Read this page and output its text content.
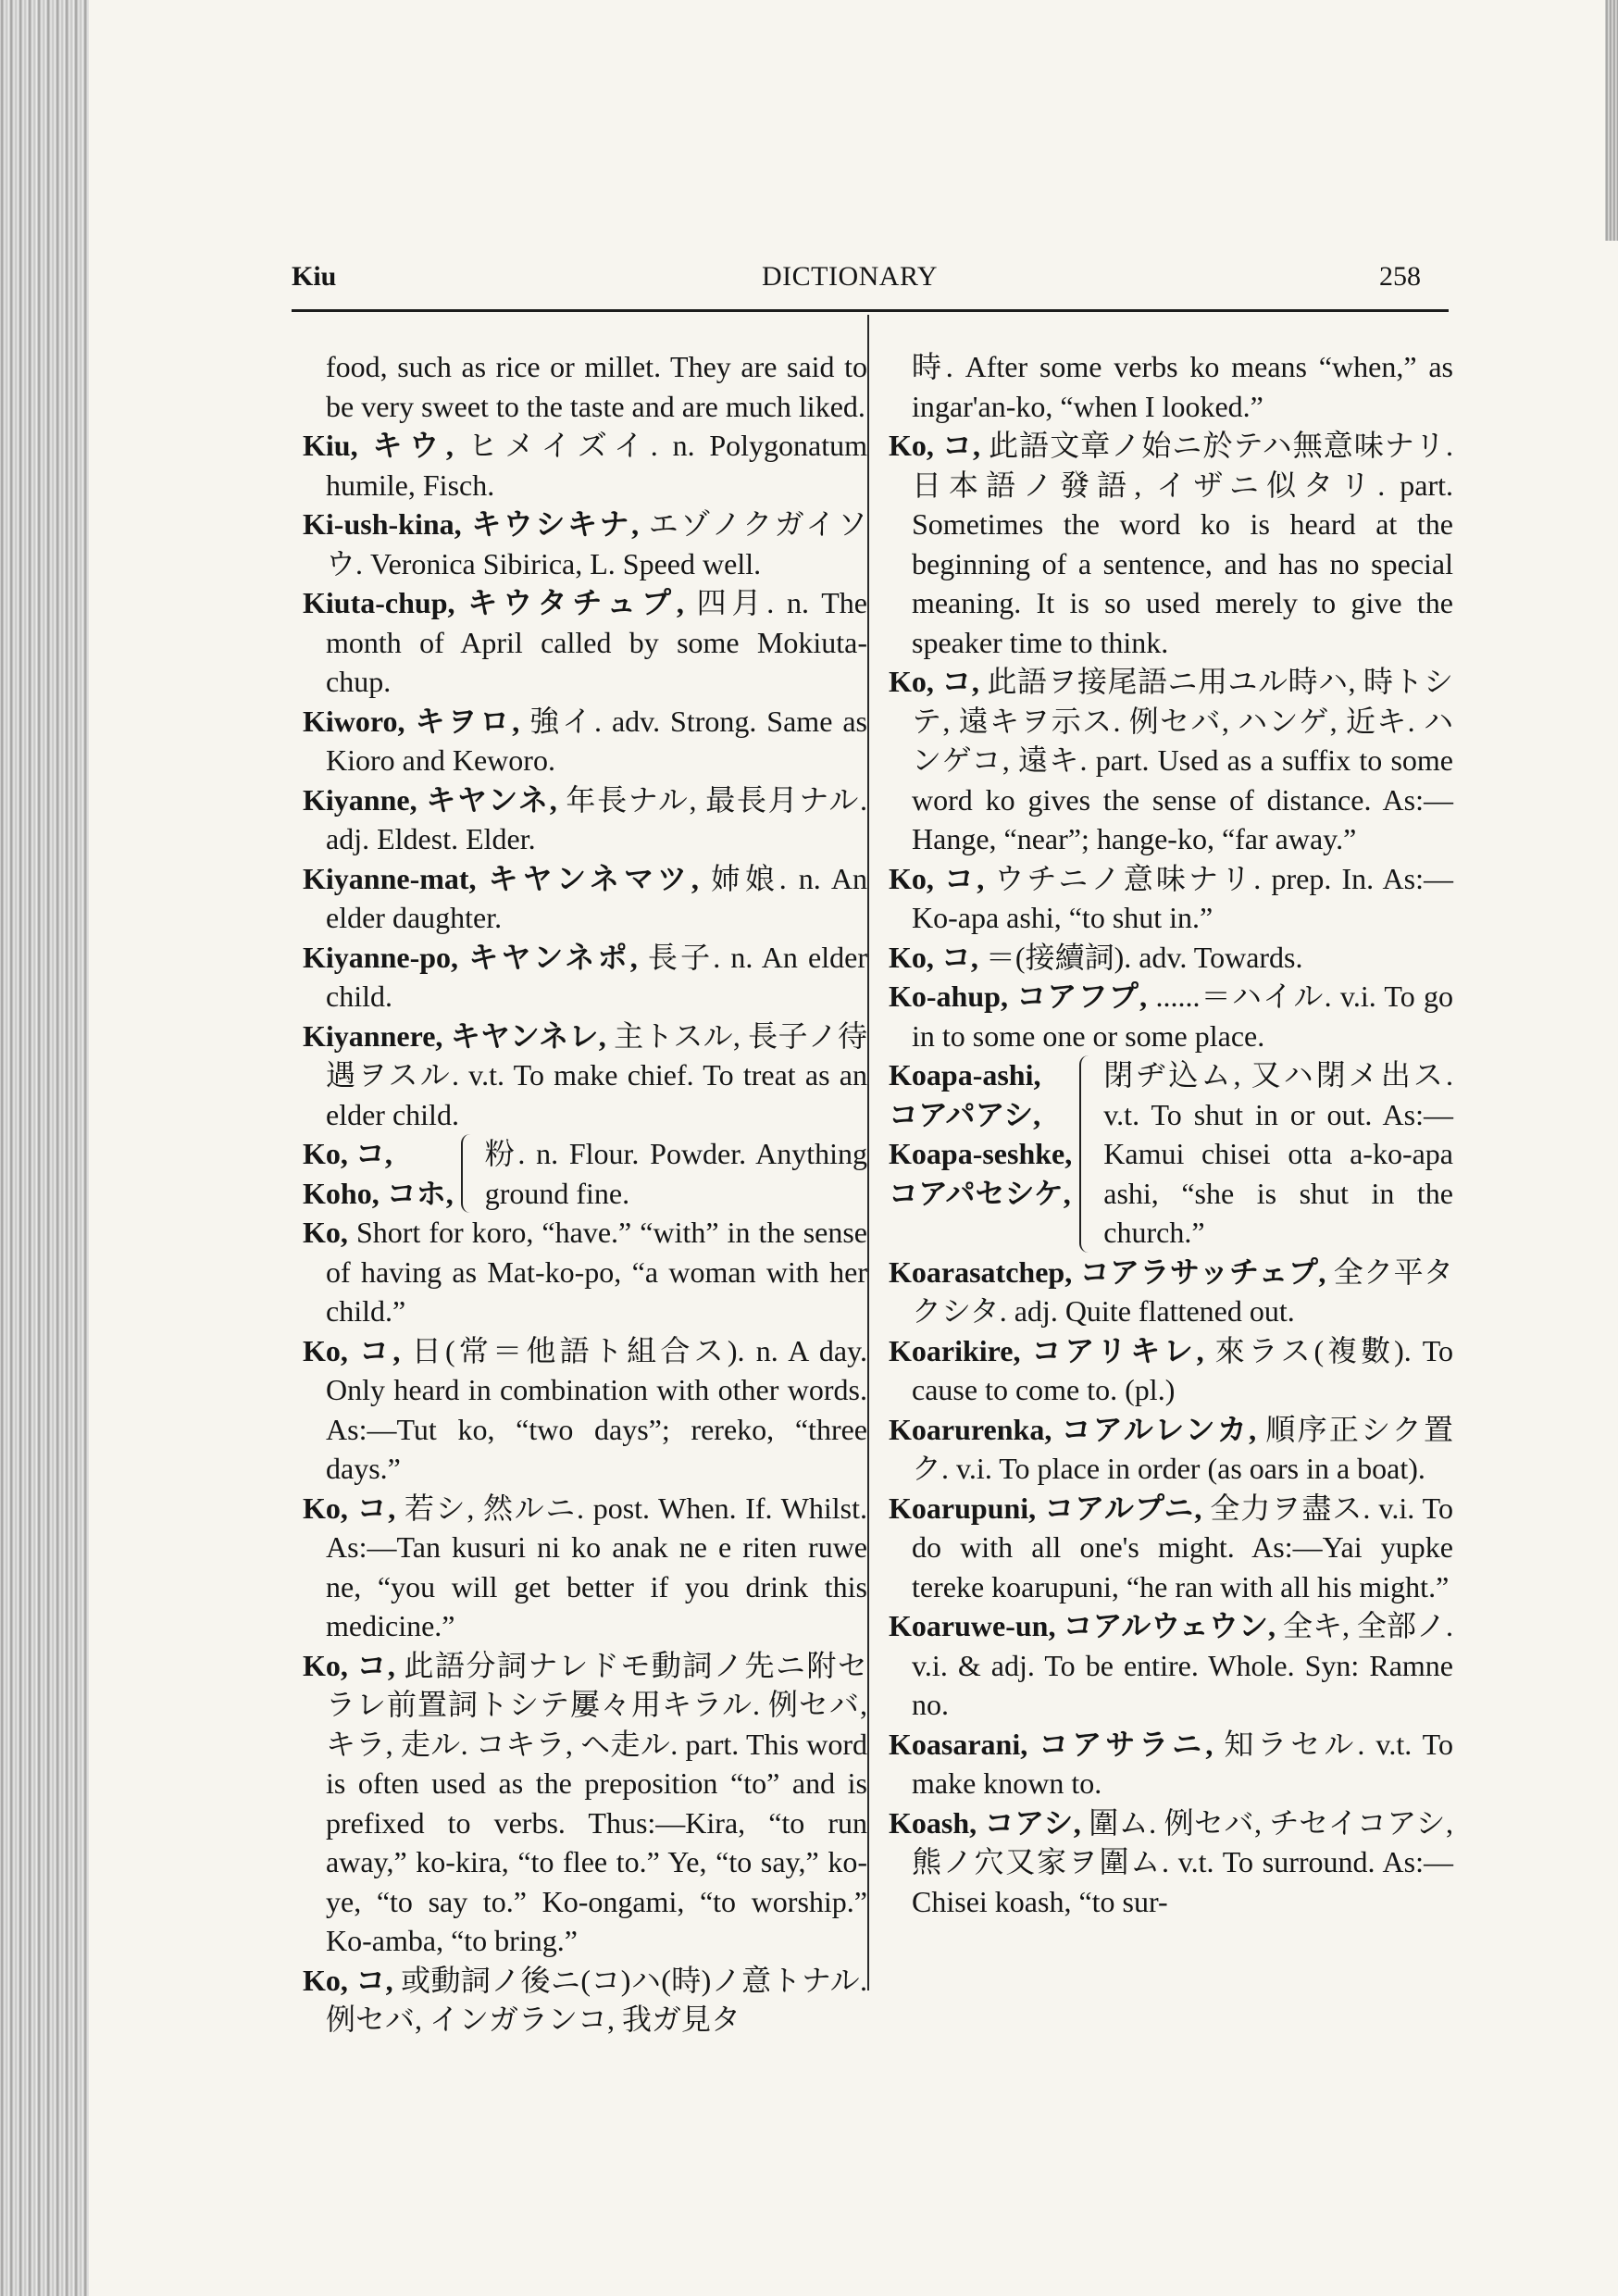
Kiu	DICTIONARY	258

food, such as rice or millet. They are said to be very sweet to the taste and are much liked.

Kiu, キウ, ヒメイズイ. n. Polygonatum humile, Fisch.

Ki-ush-kina, キウシキナ, エゾノクガイソウ. Veronica Sibirica, L. Speed well.

Kiuta-chup, キウタチュプ, 四月. n. The month of April called by some Mokiuta-chup.

Kiworo, キヲロ, 強イ. adv. Strong. Same as Kioro and Keworo.

Kiyanne, キヤンネ, 年長ナル, 最長月ナル. adj. Eldest. Elder.

Kiyanne-mat, キヤンネマツ, 姉娘. n. An elder daughter.

Kiyanne-po, キヤンネポ, 長子. n. An elder child.

Kiyannere, キヤンネレ, 主トスル, 長子ノ待遇ヲスル. v.t. To make chief. To treat as an elder child.

Ko, コ,
Koho, コホ,
粉. n. Flour. Powder. Anything ground fine.

Ko, Short for koro, “have.” “with” in the sense of having as Mat-ko-po, “a woman with her child.”

Ko, コ, 日(常＝他語ト組合ス). n. A day. Only heard in combination with other words. As:—Tut ko, “two days”; rereko, “three days.”

Ko, コ, 若シ, 然ルニ. post. When. If. Whilst. As:—Tan kusuri ni ko anak ne e riten ruwe ne, “you will get better if you drink this medicine.”

Ko, コ, 此語分詞ナレドモ動詞ノ先ニ附セラレ前置詞トシテ屢々用キラル. 例セバ, キラ, 走ル. コキラ, ヘ走ル. part. This word is often used as the preposition “to” and is prefixed to verbs. Thus:—Kira, “to run away,” ko-kira, “to flee to.” Ye, “to say,” ko-ye, “to say to.” Ko-ongami, “to worship.” Ko-amba, “to bring.”

Ko, コ, 或動詞ノ後ニ(コ)ハ(時)ノ意トナル. 例セバ, インガランコ, 我ガ見タ

時. After some verbs ko means “when,” as ingar'an-ko, “when I looked.”

Ko, コ, 此語文章ノ始ニ於テハ無意味ナリ. 日本語ノ發語, イザニ似タリ. part. Sometimes the word ko is heard at the beginning of a sentence, and has no special meaning. It is so used merely to give the speaker time to think.

Ko, コ, 此語ヲ接尾語ニ用ユル時ハ, 時トシテ, 遠キヲ示ス. 例セバ, ハンゲ, 近キ. ハンゲコ, 遠キ. part. Used as a suffix to some word ko gives the sense of distance. As:—Hange, “near”; hange-ko, “far away.”

Ko, コ, ウチニノ意味ナリ. prep. In. As:—Ko-apa ashi, “to shut in.”

Ko, コ, ＝(接續詞). adv. Towards.

Ko-ahup, コアフプ, ......＝ハイル. v.i. To go in to some one or some place.

Koapa-ashi,
コアパアシ,
Koapa-seshke,
コアパセシケ,
閉ヂ込ム, 又ハ閉メ出ス. v.t. To shut in or out. As:—Kamui chisei otta a-ko-apa ashi, “she is shut in the church.”

Koarasatchep, コアラサッチェプ, 全ク平タクシタ. adj. Quite flattened out.

Koarikire, コアリキレ, 來ラス(複數). To cause to come to. (pl.)

Koarurenka, コアルレンカ, 順序正シク置ク. v.i. To place in order (as oars in a boat).

Koarupuni, コアルプニ, 全力ヲ盡ス. v.i. To do with all one's might. As:—Yai yupke tereke koarupuni, “he ran with all his might.”

Koaruwe-un, コアルウェウン, 全キ, 全部ノ. v.i. & adj. To be entire. Whole. Syn: Ramne no.

Koasarani, コアサラニ, 知ラセル. v.t. To make known to.

Koash, コアシ, 圍ム. 例セバ, チセイコアシ, 熊ノ穴又家ヲ圍ム. v.t. To surround. As:—Chisei koash, “to sur-
